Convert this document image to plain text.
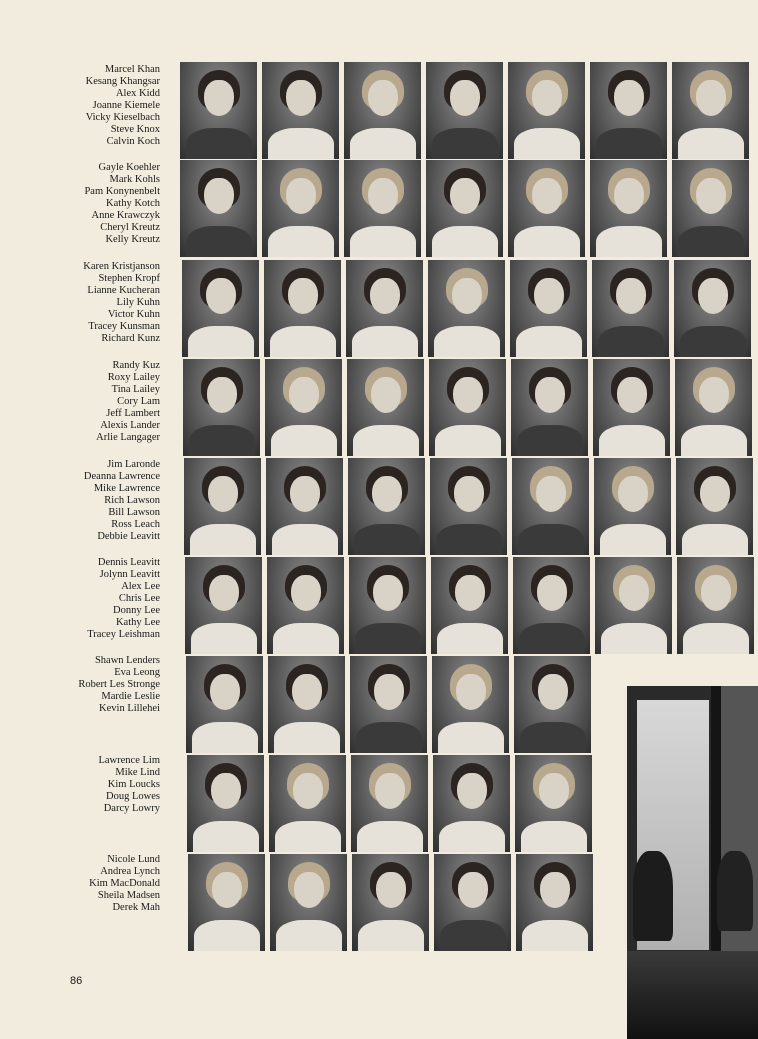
Marcel Khan
Kesang Khangsar
Alex Kidd
Joanne Kiemele
Vicky Kieselbach
Steve Knox
Calvin Koch
Gayle Koehler
Mark Kohls
Pam Konynenbelt
Kathy Kotch
Anne Krawczyk
Cheryl Kreutz
Kelly Kreutz
Karen Kristjanson
Stephen Kropf
Lianne Kucheran
Lily Kuhn
Victor Kuhn
Tracey Kunsman
Richard Kunz
Randy Kuz
Roxy Lailey
Tina Lailey
Cory Lam
Jeff Lambert
Alexis Lander
Arlie Langager
Jim Laronde
Deanna Lawrence
Mike Lawrence
Rich Lawson
Bill Lawson
Ross Leach
Debbie Leavitt
Dennis Leavitt
Jolynn Leavitt
Alex Lee
Chris Lee
Donny Lee
Kathy Lee
Tracey Leishman
Shawn Lenders
Eva Leong
Robert Les Stronge
Mardie Leslie
Kevin Lillehei
Lawrence Lim
Mike Lind
Kim Loucks
Doug Lowes
Darcy Lowry
Nicole Lund
Andrea Lynch
Kim MacDonald
Sheila Madsen
Derek Mah
86
